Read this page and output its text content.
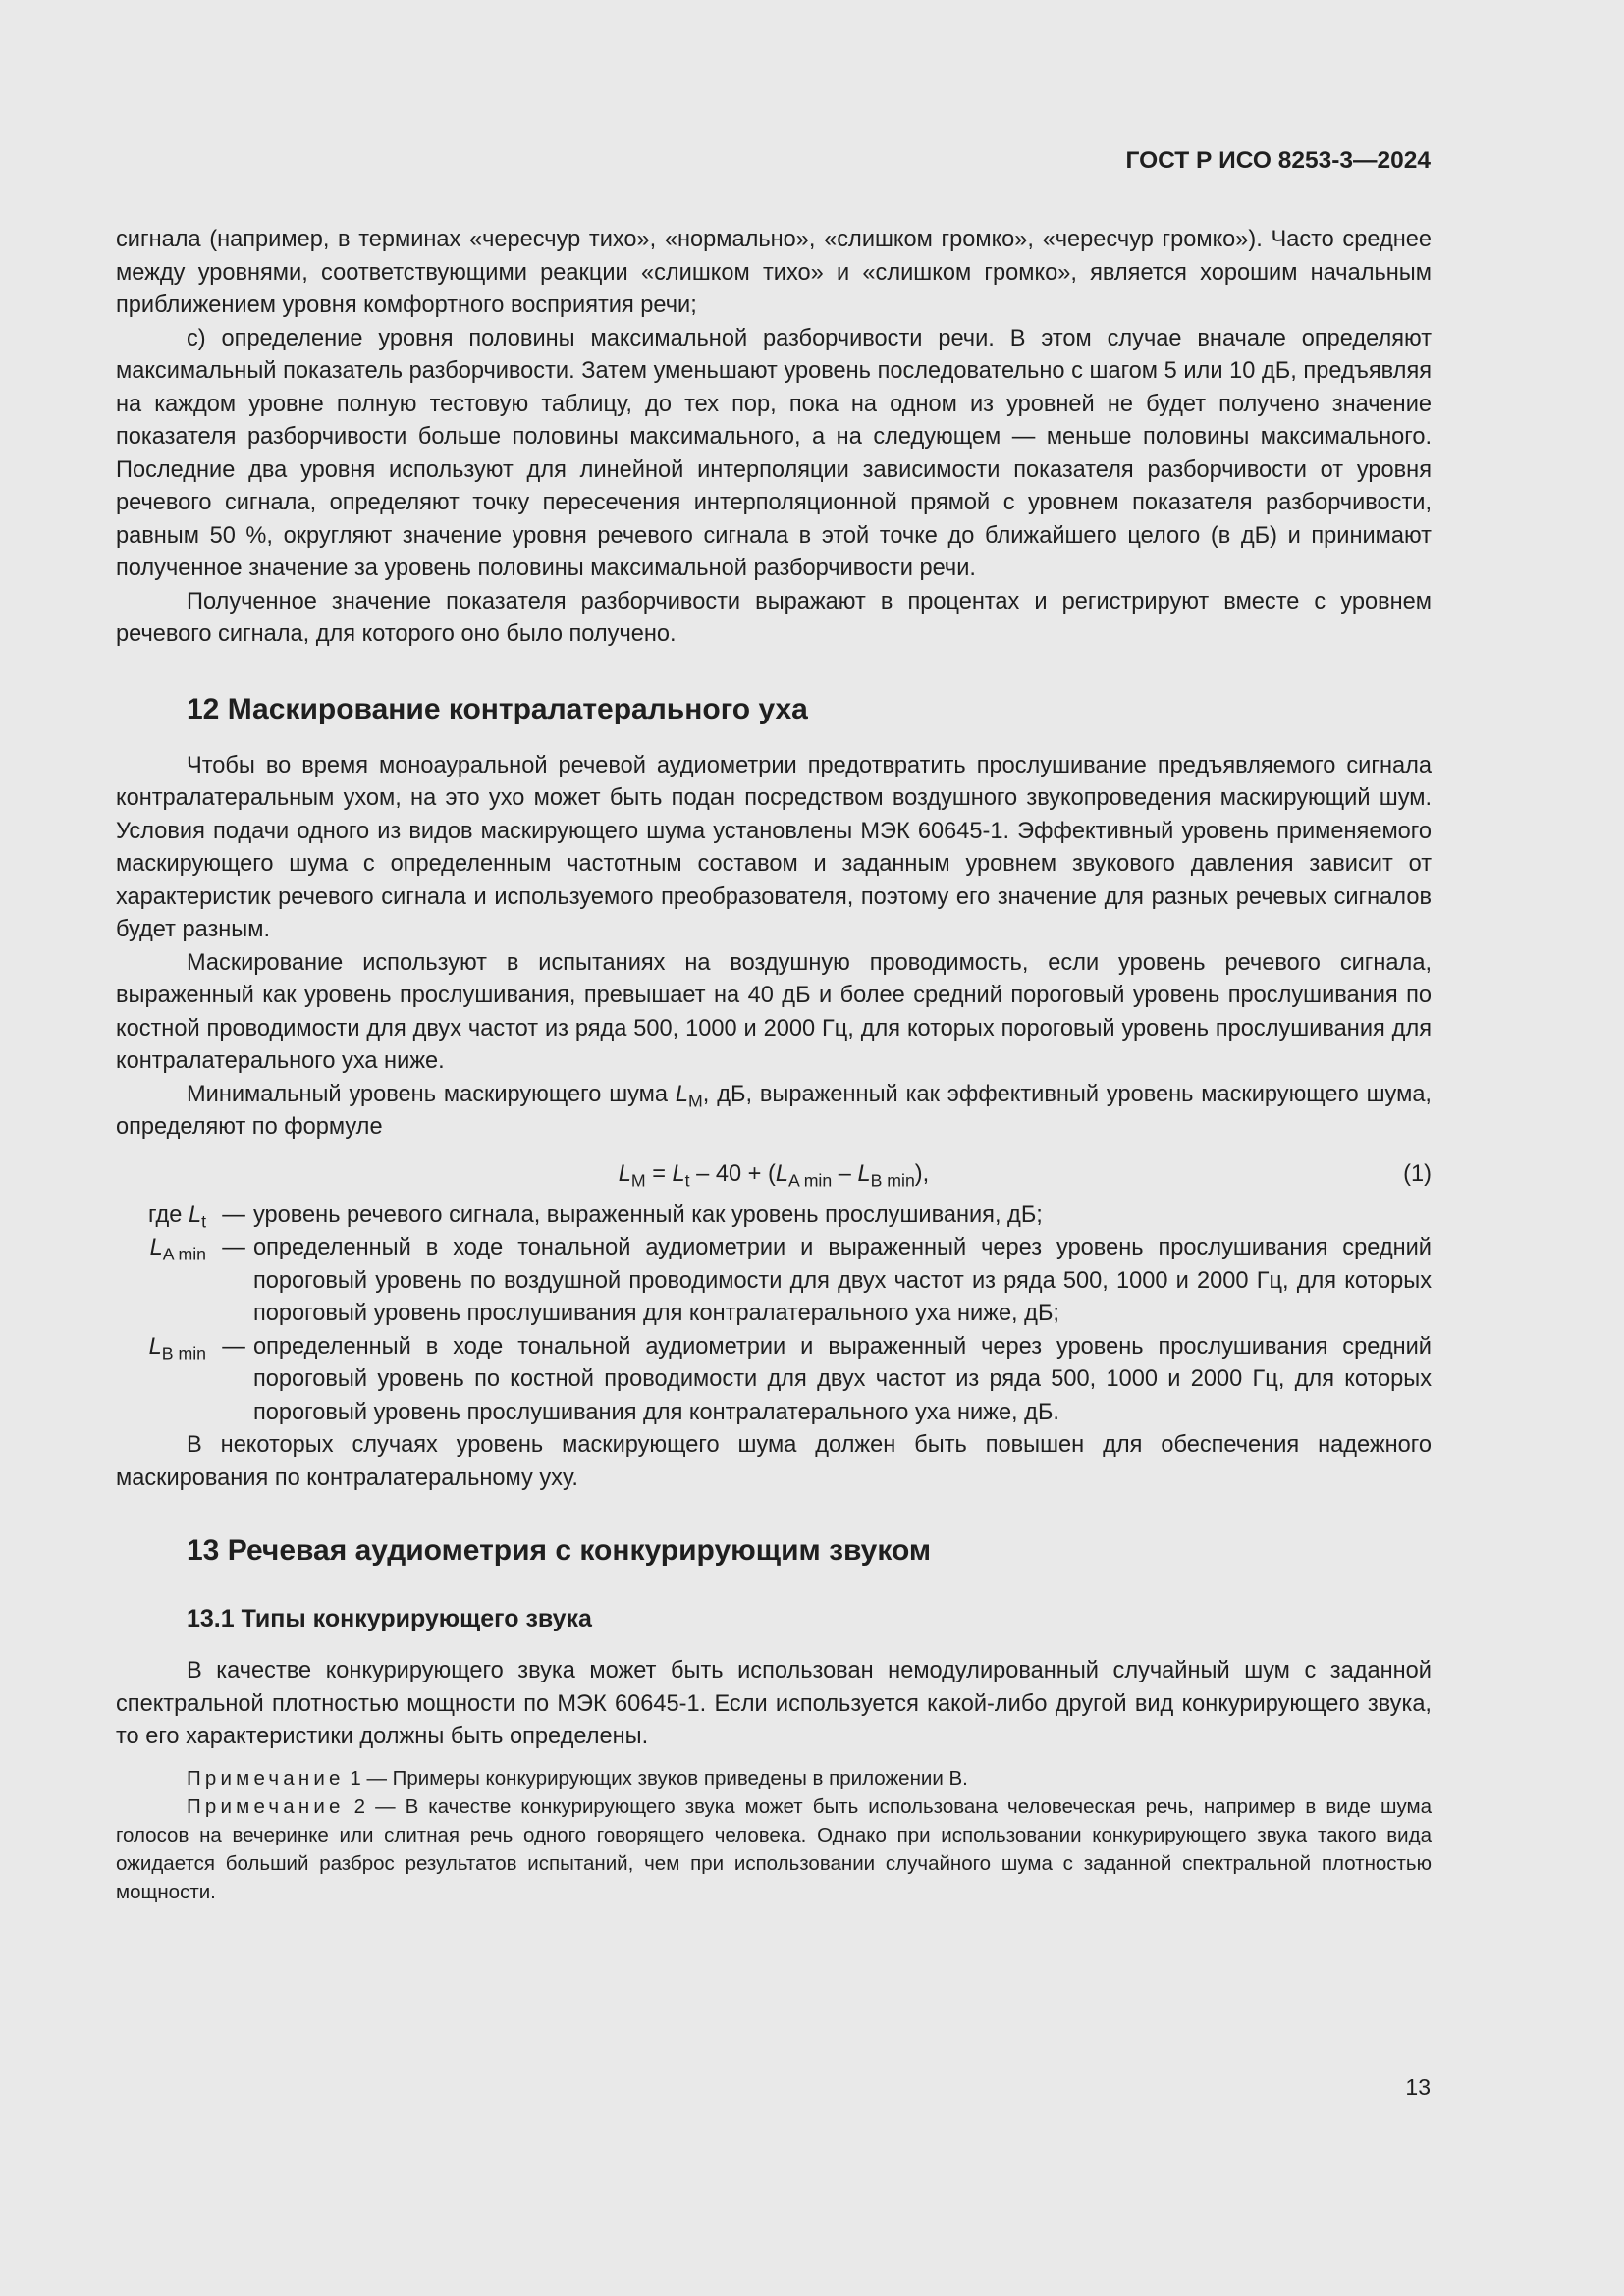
ГОСТ Р ИСО 8253-3—2024

сигнала (например, в терминах «чересчур тихо», «нормально», «слишком громко», «чересчур громко»). Часто среднее между уровнями, соответствующими реакции «слишком тихо» и «слишком громко», является хорошим начальным приближением уровня комфортного восприятия речи;

с) определение уровня половины максимальной разборчивости речи. В этом случае вначале определяют максимальный показатель разборчивости. Затем уменьшают уровень последовательно с шагом 5 или 10 дБ, предъявляя на каждом уровне полную тестовую таблицу, до тех пор, пока на одном из уровней не будет получено значение показателя разборчивости больше половины максимального, а на следующем — меньше половины максимального. Последние два уровня используют для линейной интерполяции зависимости показателя разборчивости от уровня речевого сигнала, определяют точку пересечения интерполяционной прямой с уровнем показателя разборчивости, равным 50 %, округляют значение уровня речевого сигнала в этой точке до ближайшего целого (в дБ) и принимают полученное значение за уровень половины максимальной разборчивости речи.

Полученное значение показателя разборчивости выражают в процентах и регистрируют вместе с уровнем речевого сигнала, для которого оно было получено.

12 Маскирование контралатерального уха

Чтобы во время моноауральной речевой аудиометрии предотвратить прослушивание предъявляемого сигнала контралатеральным ухом, на это ухо может быть подан посредством воздушного звукопроведения маскирующий шум. Условия подачи одного из видов маскирующего шума установлены МЭК 60645-1. Эффективный уровень применяемого маскирующего шума с определенным частотным составом и заданным уровнем звукового давления зависит от характеристик речевого сигнала и используемого преобразователя, поэтому его значение для разных речевых сигналов будет разным.

Маскирование используют в испытаниях на воздушную проводимость, если уровень речевого сигнала, выраженный как уровень прослушивания, превышает на 40 дБ и более средний пороговый уровень прослушивания по костной проводимости для двух частот из ряда 500, 1000 и 2000 Гц, для которых пороговый уровень прослушивания для контралатерального уха ниже.

Минимальный уровень маскирующего шума $L_M$, дБ, выраженный как эффективный уровень маскирующего шума, определяют по формуле

$L_M = L_t - 40 + (L_{A min} - L_{B min})$,	(1)
где $L_t$ — уровень речевого сигнала, выраженный как уровень прослушивания, дБ;
$L_{A min}$ — определенный в ходе тональной аудиометрии и выраженный через уровень прослушивания средний пороговый уровень по воздушной проводимости для двух частот из ряда 500, 1000 и 2000 Гц, для которых пороговый уровень прослушивания для контралатерального уха ниже, дБ;
$L_{B min}$ — определенный в ходе тональной аудиометрии и выраженный через уровень прослушивания средний пороговый уровень по костной проводимости для двух частот из ряда 500, 1000 и 2000 Гц, для которых пороговый уровень прослушивания для контралатерального уха ниже, дБ.

В некоторых случаях уровень маскирующего шума должен быть повышен для обеспечения надежного маскирования по контралатеральному уху.

13 Речевая аудиометрия с конкурирующим звуком
13.1 Типы конкурирующего звука

В качестве конкурирующего звука может быть использован немодулированный случайный шум с заданной спектральной плотностью мощности по МЭК 60645-1. Если используется какой-либо другой вид конкурирующего звука, то его характеристики должны быть определены.

Примечание 1 — Примеры конкурирующих звуков приведены в приложении В.

Примечание 2 — В качестве конкурирующего звука может быть использована человеческая речь, например в виде шума голосов на вечеринке или слитная речь одного говорящего человека. Однако при использовании конкурирующего звука такого вида ожидается больший разброс результатов испытаний, чем при использовании случайного шума с заданной спектральной плотностью мощности.

13
